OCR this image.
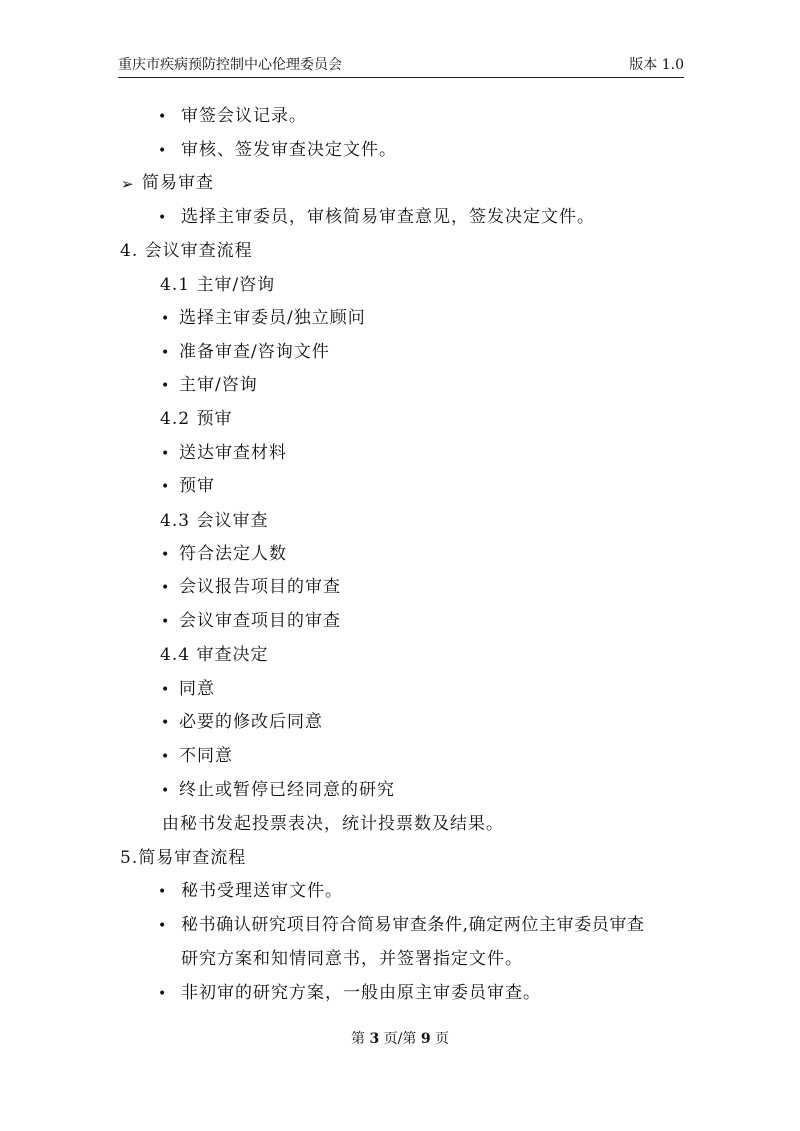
重庆市疾病预防控制中心伦理委员会	版本 1.0
• 审签会议记录。
• 审核、签发审查决定文件。
➢ 简易审查
• 选择主审委员，审核简易审查意见，签发决定文件。
4. 会议审查流程
4.1 主审/咨询
• 选择主审委员/独立顾问
• 准备审查/咨询文件
• 主审/咨询
4.2 预审
• 送达审查材料
• 预审
4.3 会议审查
• 符合法定人数
• 会议报告项目的审查
• 会议审查项目的审查
4.4 审查决定
• 同意
• 必要的修改后同意
• 不同意
• 终止或暂停已经同意的研究
由秘书发起投票表决，统计投票数及结果。
5.简易审查流程
• 秘书受理送审文件。
• 秘书确认研究项目符合简易审查条件,确定两位主审委员审查
研究方案和知情同意书，并签署指定文件。
• 非初审的研究方案，一般由原主审委员审查。
第 3 页/第 9 页
